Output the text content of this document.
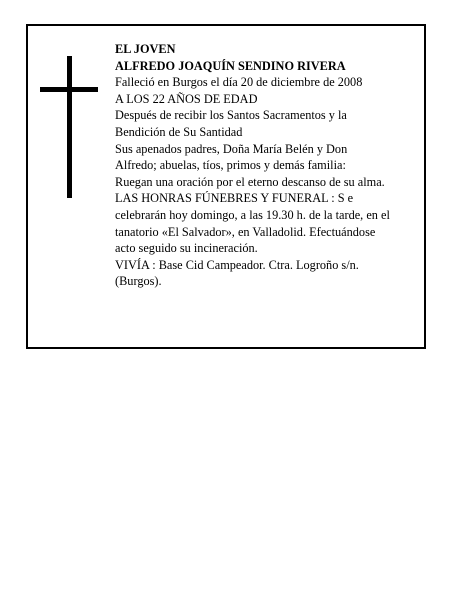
EL JOVEN
ALFREDO JOAQUÍN SENDINO RIVERA
Falleció en Burgos el día 20 de diciembre de 2008
A LOS 22 AÑOS DE EDAD
Después de recibir los Santos Sacramentos y la
Bendición de Su Santidad
Sus apenados padres, Doña María Belén y Don
Alfredo; abuelas, tíos, primos y demás familia:
Ruegan una oración por el eterno descanso de su alma.
LAS HONRAS FÚNEBRES Y FUNERAL : S e
celebrarán hoy domingo, a las 19.30 h. de la tarde, en el
tanatorio «El Salvador», en Valladolid. Efectuándose
acto seguido su incineración.
VIVÍA : Base Cid Campeador. Ctra. Logroño s/n.
(Burgos).
